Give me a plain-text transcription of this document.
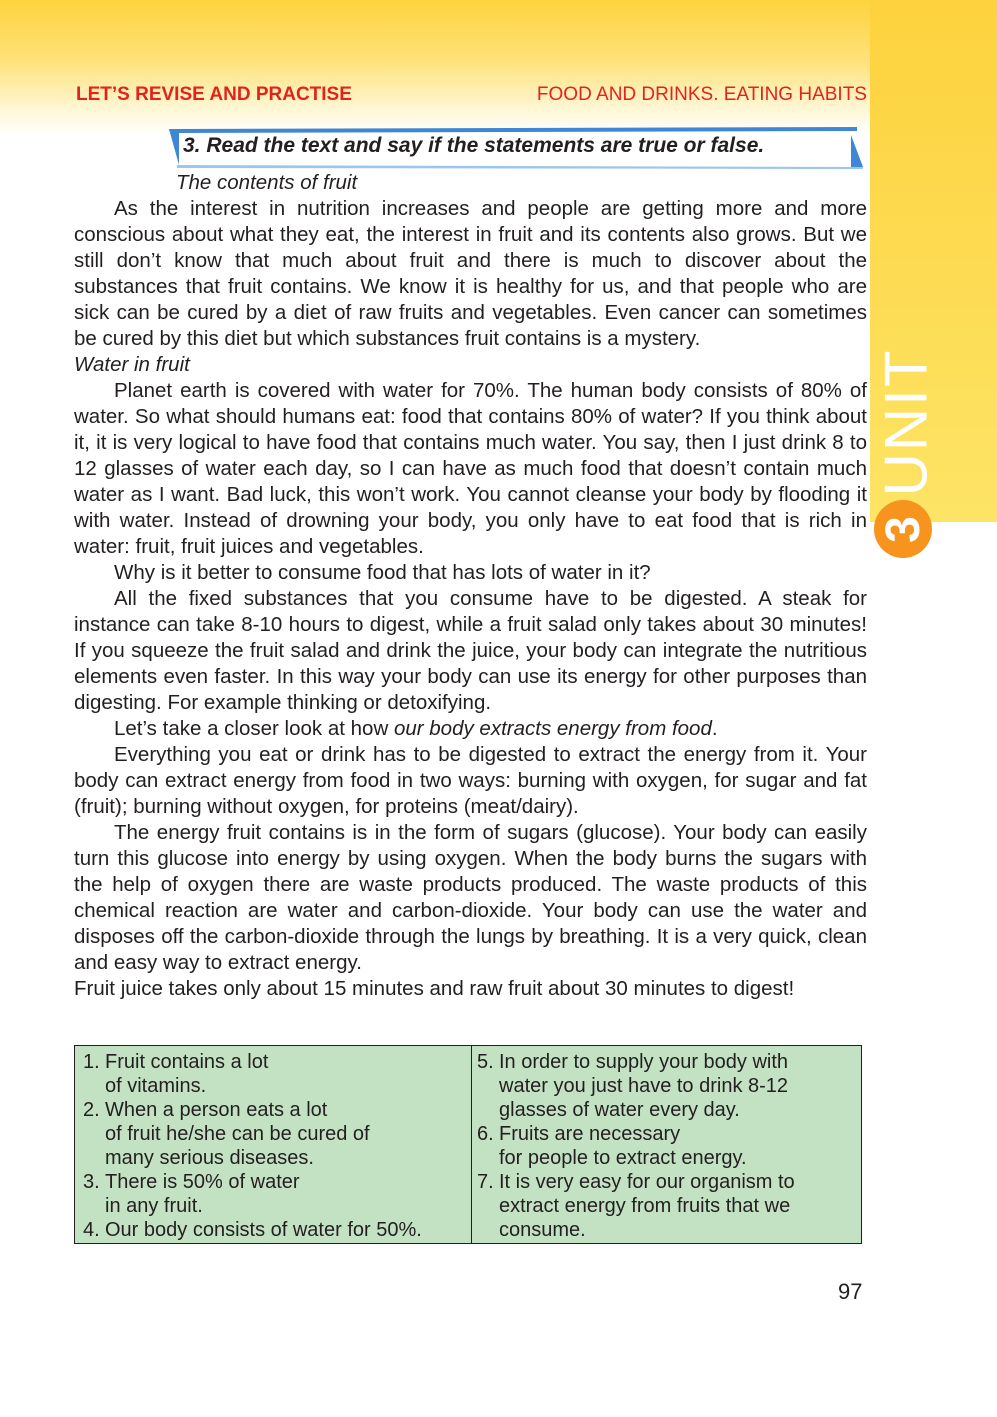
UNIT
3
LET’S REVISE AND PRACTISE	FOOD AND DRINKS. EATING HABITS
3. Read the text and say if the statements are true or false.

The contents of fruit

As the interest in nutrition increases and people are getting more and more conscious about what they eat, the interest in fruit and its contents also grows. But we still don’t know that much about fruit and there is much to discover about the substances that fruit contains. We know it is healthy for us, and that people who are sick can be cured by a diet of raw fruits and vegetables. Even cancer can sometimes be cured by this diet but which substances fruit contains is a mystery.

Water in fruit

Planet earth is covered with water for 70%. The human body consists of 80% of water. So what should humans eat: food that contains 80% of water? If you think about it, it is very logical to have food that contains much water. You say, then I just drink 8 to 12 glasses of water each day, so I can have as much food that doesn’t contain much water as I want. Bad luck, this won’t work. You cannot cleanse your body by flooding it with water. Instead of drowning your body, you only have to eat food that is rich in water: fruit, fruit juices and vegetables.

Why is it better to consume food that has lots of water in it?

All the fixed substances that you consume have to be digested. A steak for instance can take 8-10 hours to digest, while a fruit salad only takes about 30 minutes! If you squeeze the fruit salad and drink the juice, your body can integrate the nutritious elements even faster. In this way your body can use its energy for other purposes than digesting. For example thinking or detoxifying.

Let’s take a closer look at how our body extracts energy from food.

Everything you eat or drink has to be digested to extract the energy from it. Your body can extract energy from food in two ways: burning with oxygen, for sugar and fat (fruit); burning without oxygen, for proteins (meat/dairy).

The energy fruit contains is in the form of sugars (glucose). Your body can easily turn this glucose into energy by using oxygen. When the body burns the sugars with the help of oxygen there are waste products produced. The waste products of this chemical reaction are water and carbon-dioxide. Your body can use the water and disposes off the carbon-dioxide through the lungs by breathing. It is a very quick, clean and easy way to extract energy.

Fruit juice takes only about 15 minutes and raw fruit about 30 minutes to digest!

1. Fruit contains a lot
of vitamins.
2. When a person eats a lot
of fruit he/she can be cured of
many serious diseases.
3. There is 50% of water
in any fruit.
4. Our body consists of water for 50%.
5. In order to supply your body with
water you just have to drink 8-12
glasses of water every day.
6. Fruits are necessary
for people to extract energy.
7. It is very easy for our organism to
extract energy from fruits that we
consume.
97
